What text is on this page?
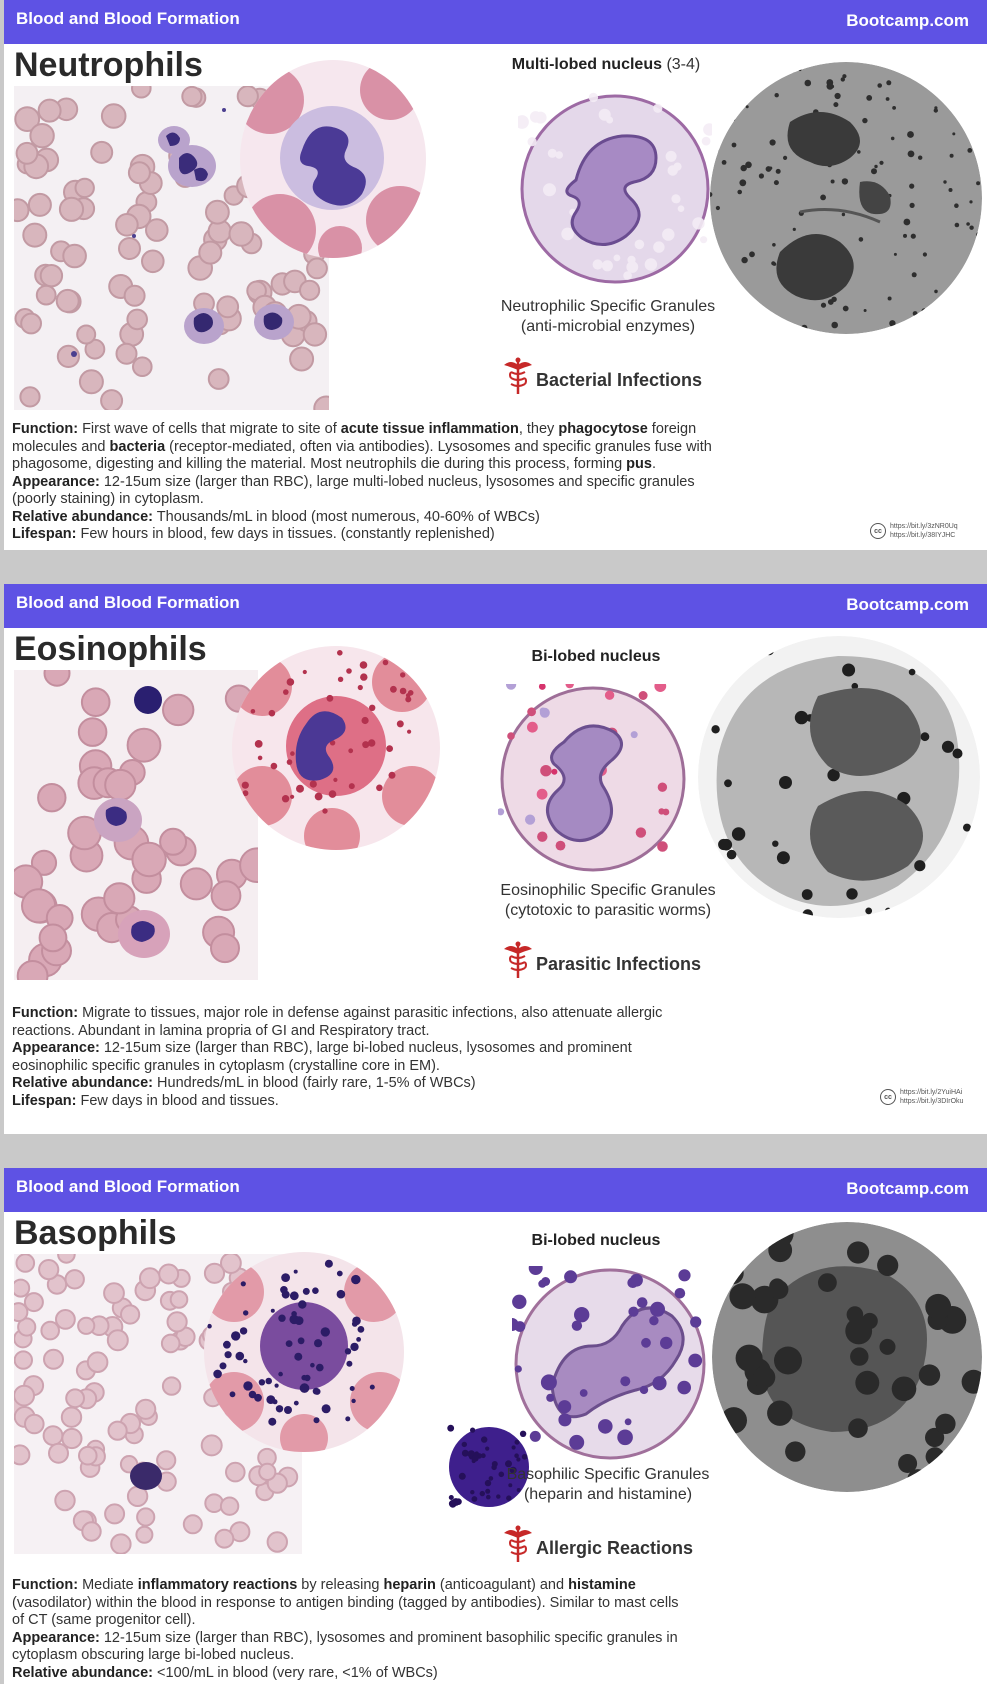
Blood and Blood Formation	Bootcamp.com
Neutrophils	Multi-lobed nucleus (3-4)
Neutrophilic Specific Granules
(anti-microbial enzymes)
Bacterial Infections

Function: First wave of cells that migrate to site of acute tissue inflammation, they phagocytose foreign molecules and bacteria (receptor-mediated, often via antibodies). Lysosomes and specific granules fuse with phagosome, digesting and killing the material. Most neutrophils die during this process, forming pus.

Appearance: 12-15um size (larger than RBC), large multi-lobed nucleus, lysosomes and specific granules (poorly staining) in cytoplasm.

Relative abundance: Thousands/mL in blood (most numerous, 40-60% of WBCs)

Lifespan: Few hours in blood, few days in tissues. (constantly replenished)	cc
https://bit.ly/3zNR0Uq
https://bit.ly/38IYJHC
Blood and Blood Formation	Bootcamp.com
Eosinophils	Bi-lobed nucleus
Eosinophilic Specific Granules
(cytotoxic to parasitic worms)
Parasitic Infections

Function: Migrate to tissues, major role in defense against parasitic infections, also attenuate allergic reactions. Abundant in lamina propria of GI and Respiratory tract.

Appearance: 12-15um size (larger than RBC), large bi-lobed nucleus, lysosomes and prominent eosinophilic specific granules in cytoplasm (crystalline core in EM).

Relative abundance: Hundreds/mL in blood (fairly rare, 1-5% of WBCs)

Lifespan: Few days in blood and tissues.	cc
https://bit.ly/2YuiHAi
https://bit.ly/3DIrOku
Blood and Blood Formation	Bootcamp.com
Basophils	Bi-lobed nucleus
Basophilic Specific Granules
(heparin and histamine)
Allergic Reactions

Function: Mediate inflammatory reactions by releasing heparin (anticoagulant) and histamine (vasodilator) within the blood in response to antigen binding (tagged by antibodies). Similar to mast cells of CT (same progenitor cell).

Appearance: 12-15um size (larger than RBC), lysosomes and prominent basophilic specific granules in cytoplasm obscuring large bi-lobed nucleus.

Relative abundance: <100/mL in blood (very rare, <1% of WBCs)
